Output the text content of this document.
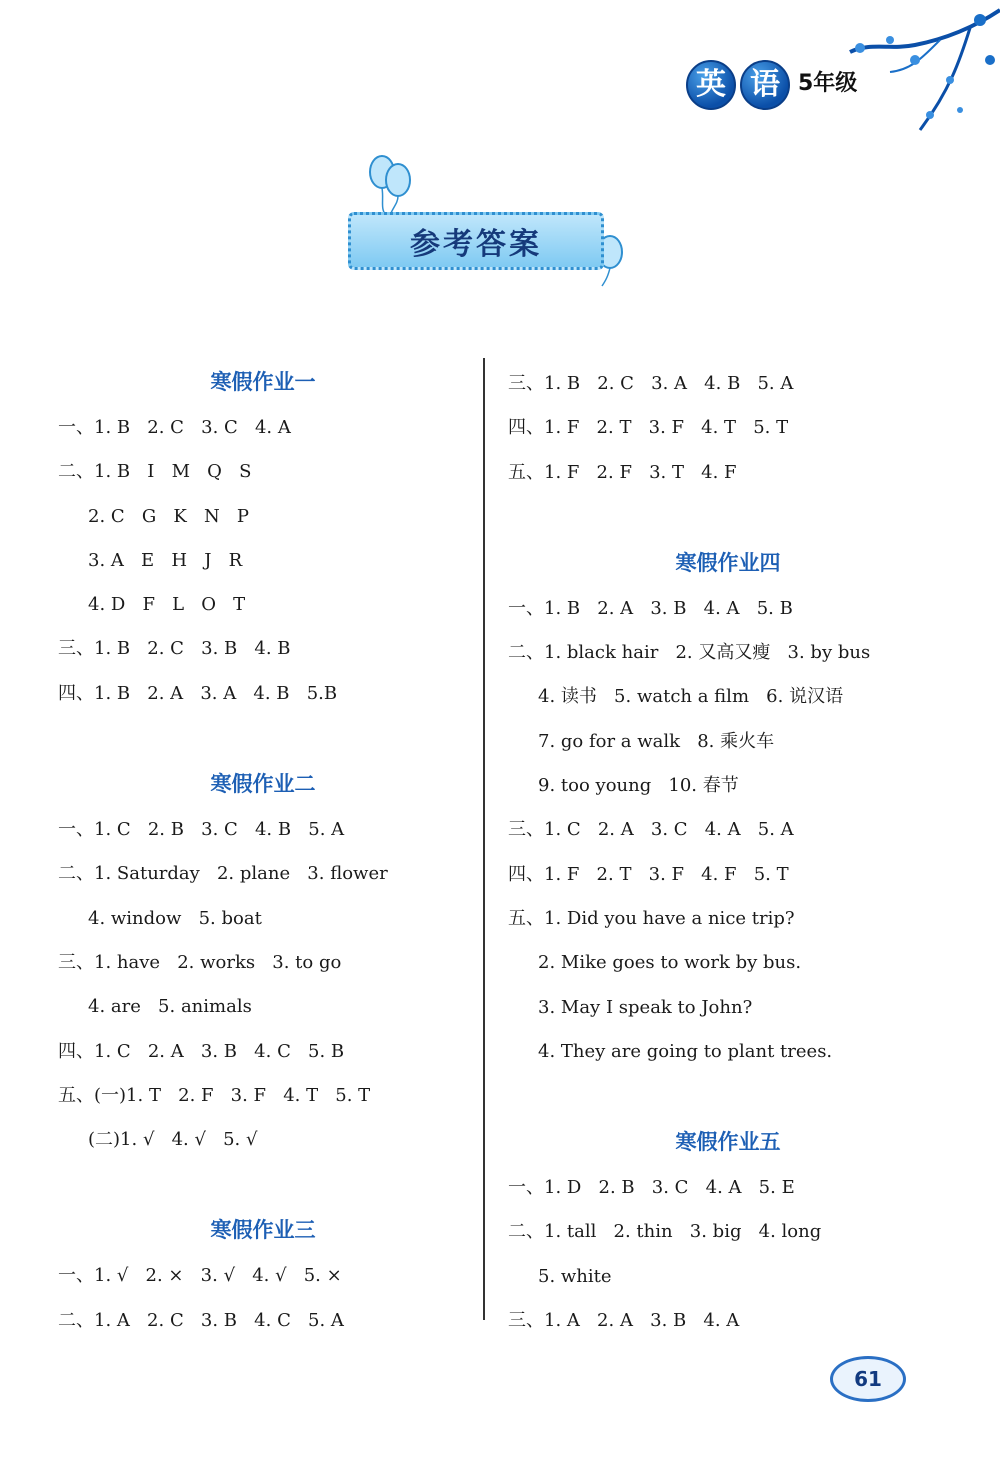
英 语 5年级
参考答案
寒假作业一
一、1. B   2. C   3. C   4. A
二、1. B   I   M   Q   S
2. C   G   K   N   P
3. A   E   H   J   R
4. D   F   L   O   T
三、1. B   2. C   3. B   4. B
四、1. B   2. A   3. A   4. B   5.B
寒假作业二
一、1. C   2. B   3. C   4. B   5. A
二、1. Saturday   2. plane   3. flower
4. window   5. boat
三、1. have   2. works   3. to go
4. are   5. animals
四、1. C   2. A   3. B   4. C   5. B
五、(一)1. T   2. F   3. F   4. T   5. T
(二)1. √   4. √   5. √
寒假作业三
一、1. √   2. ×   3. √   4. √   5. ×
二、1. A   2. C   3. B   4. C   5. A
三、1. B   2. C   3. A   4. B   5. A
四、1. F   2. T   3. F   4. T   5. T
五、1. F   2. F   3. T   4. F
寒假作业四
一、1. B   2. A   3. B   4. A   5. B
二、1. black hair   2. 又高又瘦   3. by bus
4. 读书   5. watch a film   6. 说汉语
7. go for a walk   8. 乘火车
9. too young   10. 春节
三、1. C   2. A   3. C   4. A   5. A
四、1. F   2. T   3. F   4. F   5. T
五、1. Did you have a nice trip?
2. Mike goes to work by bus.
3. May I speak to John?
4. They are going to plant trees.
寒假作业五
一、1. D   2. B   3. C   4. A   5. E
二、1. tall   2. thin   3. big   4. long
5. white
三、1. A   2. A   3. B   4. A
61
